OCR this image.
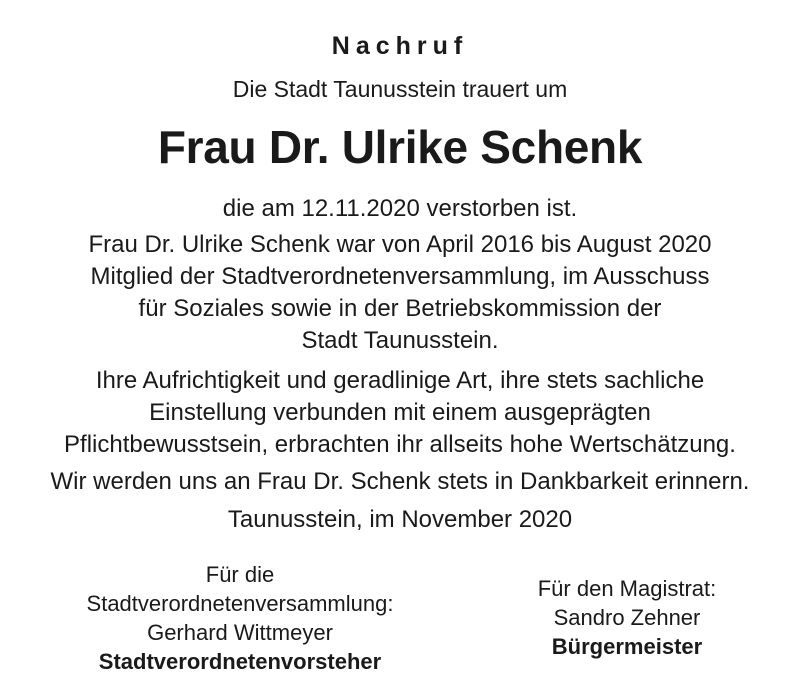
Nachruf

Die Stadt Taunusstein trauert um

Frau Dr. Ulrike Schenk

die am 12.11.2020 verstorben ist.

Frau Dr. Ulrike Schenk war von April 2016 bis August 2020
Mitglied der Stadtverordnetenversammlung, im Ausschuss
für Soziales sowie in der Betriebskommission der
Stadt Taunusstein.

Ihre Aufrichtigkeit und geradlinige Art, ihre stets sachliche
Einstellung verbunden mit einem ausgeprägten
Pflichtbewusstsein, erbrachten ihr allseits hohe Wertschätzung.

Wir werden uns an Frau Dr. Schenk stets in Dankbarkeit erinnern.

Taunusstein, im November 2020

Für die
Stadtverordnetenversammlung:
Gerhard Wittmeyer
Stadtverordnetenvorsteher
Für den Magistrat:
Sandro Zehner
Bürgermeister
